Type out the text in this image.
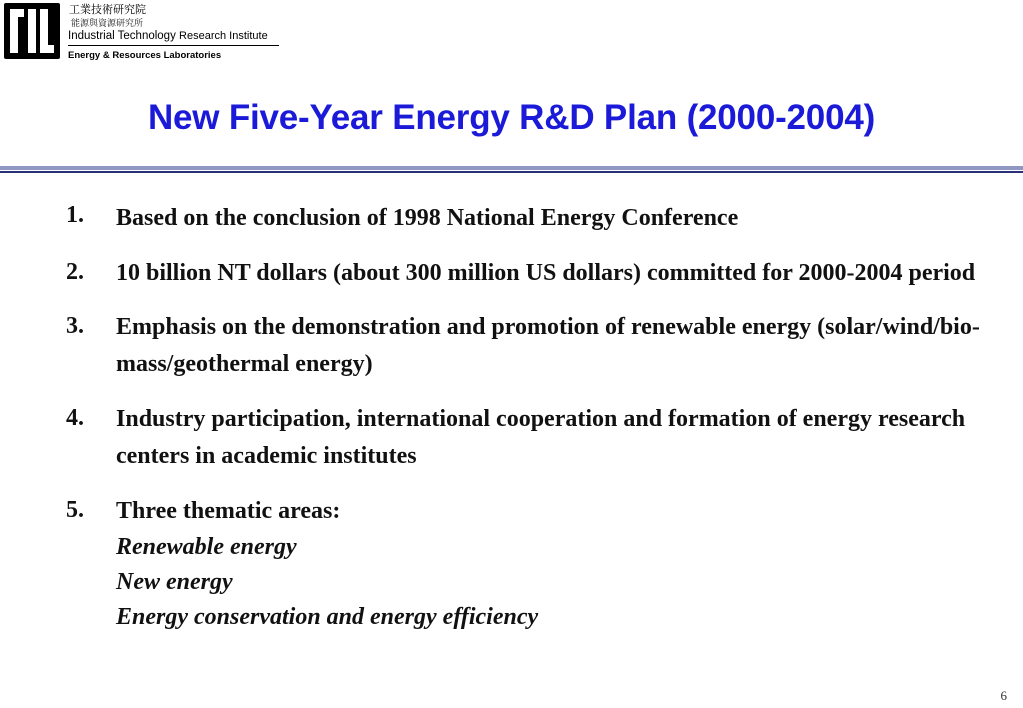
工業技術研究院
能源與資源研究所
Industrial Technology Research Institute
Energy & Resources Laboratories
New Five-Year Energy R&D Plan (2000-2004)
1.	Based on the conclusion of 1998 National Energy Conference
2.	10 billion NT dollars (about 300 million US dollars) committed for 2000-2004 period
3.	Emphasis on the demonstration and promotion of renewable energy (solar/wind/bio-mass/geothermal energy)
4.	Industry participation, international cooperation and formation of energy research centers in academic institutes
5.	Three thematic areas:
Renewable energy
New energy
Energy conservation and energy efficiency
6
